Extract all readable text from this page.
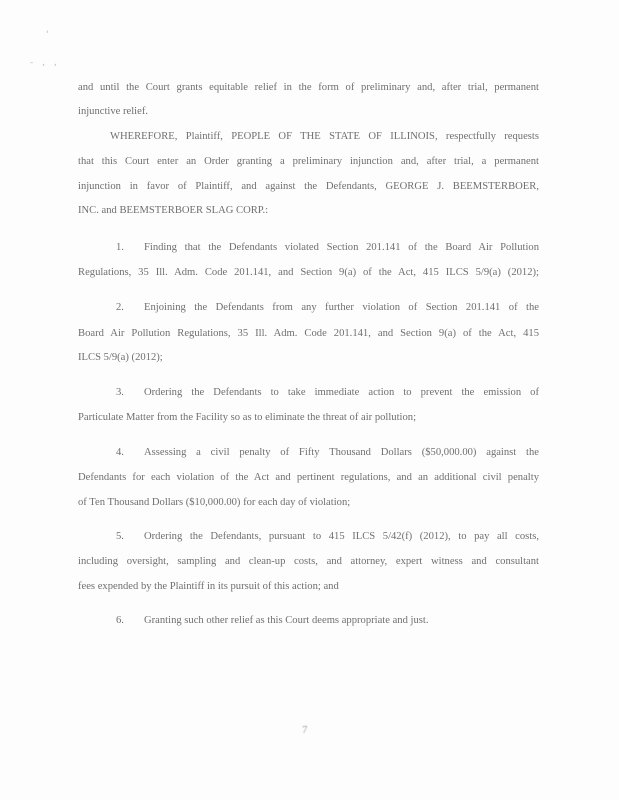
'
- , ,
and until the Court grants equitable relief in the form of preliminary and, after trial, permanent
injunctive relief.
WHEREFORE, Plaintiff, PEOPLE OF THE STATE OF ILLINOIS, respectfully requests
that this Court enter an Order granting a preliminary injunction and, after trial, a permanent
injunction in favor of Plaintiff, and against the Defendants, GEORGE J. BEEMSTERBOER,
INC. and BEEMSTERBOER SLAG CORP.:
1. Finding that the Defendants violated Section 201.141 of the Board Air Pollution
Regulations, 35 Ill. Adm. Code 201.141, and Section 9(a) of the Act, 415 ILCS 5/9(a) (2012);
2. Enjoining the Defendants from any further violation of Section 201.141 of the
Board Air Pollution Regulations, 35 Ill. Adm. Code 201.141, and Section 9(a) of the Act, 415
ILCS 5/9(a) (2012);
3. Ordering the Defendants to take immediate action to prevent the emission of
Particulate Matter from the Facility so as to eliminate the threat of air pollution;
4. Assessing a civil penalty of Fifty Thousand Dollars ($50,000.00) against the
Defendants for each violation of the Act and pertinent regulations, and an additional civil penalty
of Ten Thousand Dollars ($10,000.00) for each day of violation;
5. Ordering the Defendants, pursuant to 415 ILCS 5/42(f) (2012), to pay all costs,
including oversight, sampling and clean-up costs, and attorney, expert witness and consultant
fees expended by the Plaintiff in its pursuit of this action; and
6. Granting such other relief as this Court deems appropriate and just.
7
